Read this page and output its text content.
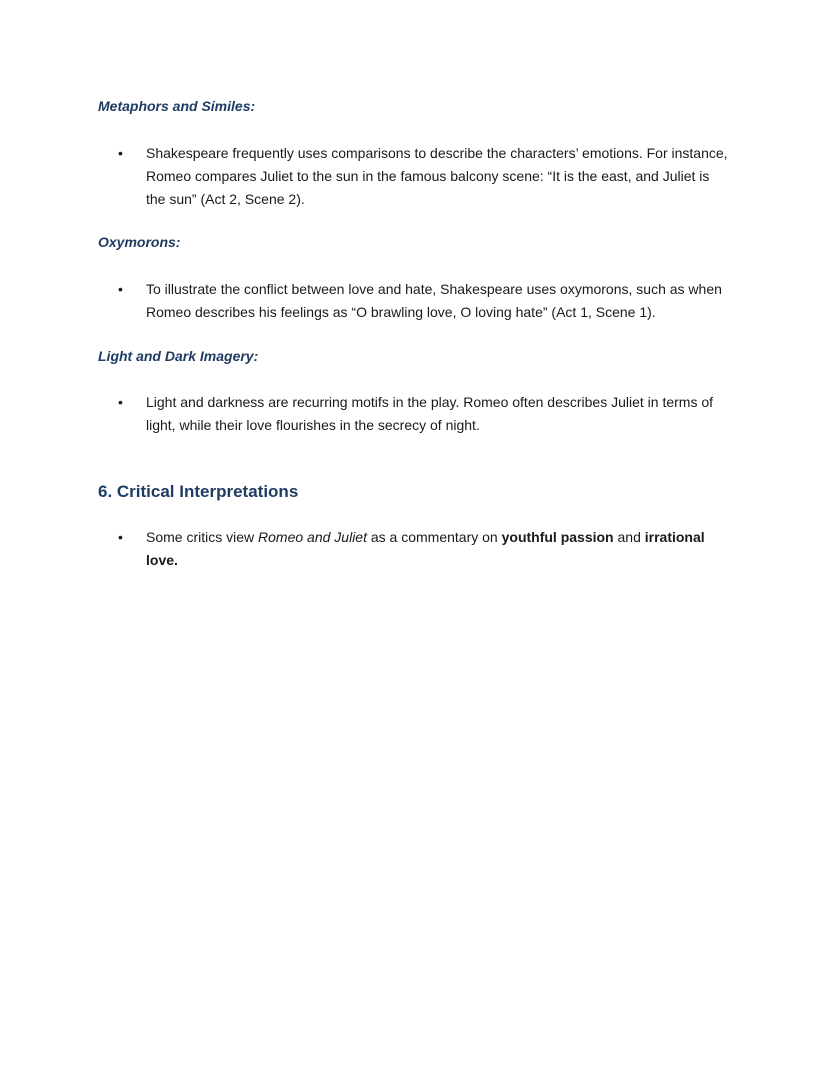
Metaphors and Similes:
•	Shakespeare frequently uses comparisons to describe the characters’ emotions. For instance, Romeo compares Juliet to the sun in the famous balcony scene: “It is the east, and Juliet is the sun” (Act 2, Scene 2).

Oxymorons:
•	To illustrate the conflict between love and hate, Shakespeare uses oxymorons, such as when Romeo describes his feelings as “O brawling love, O loving hate” (Act 1, Scene 1).

Light and Dark Imagery:
•	Light and darkness are recurring motifs in the play. Romeo often describes Juliet in terms of light, while their love flourishes in the secrecy of night.

6. Critical Interpretations
•	Some critics view Romeo and Juliet as a commentary on youthful passion and irrational love.
